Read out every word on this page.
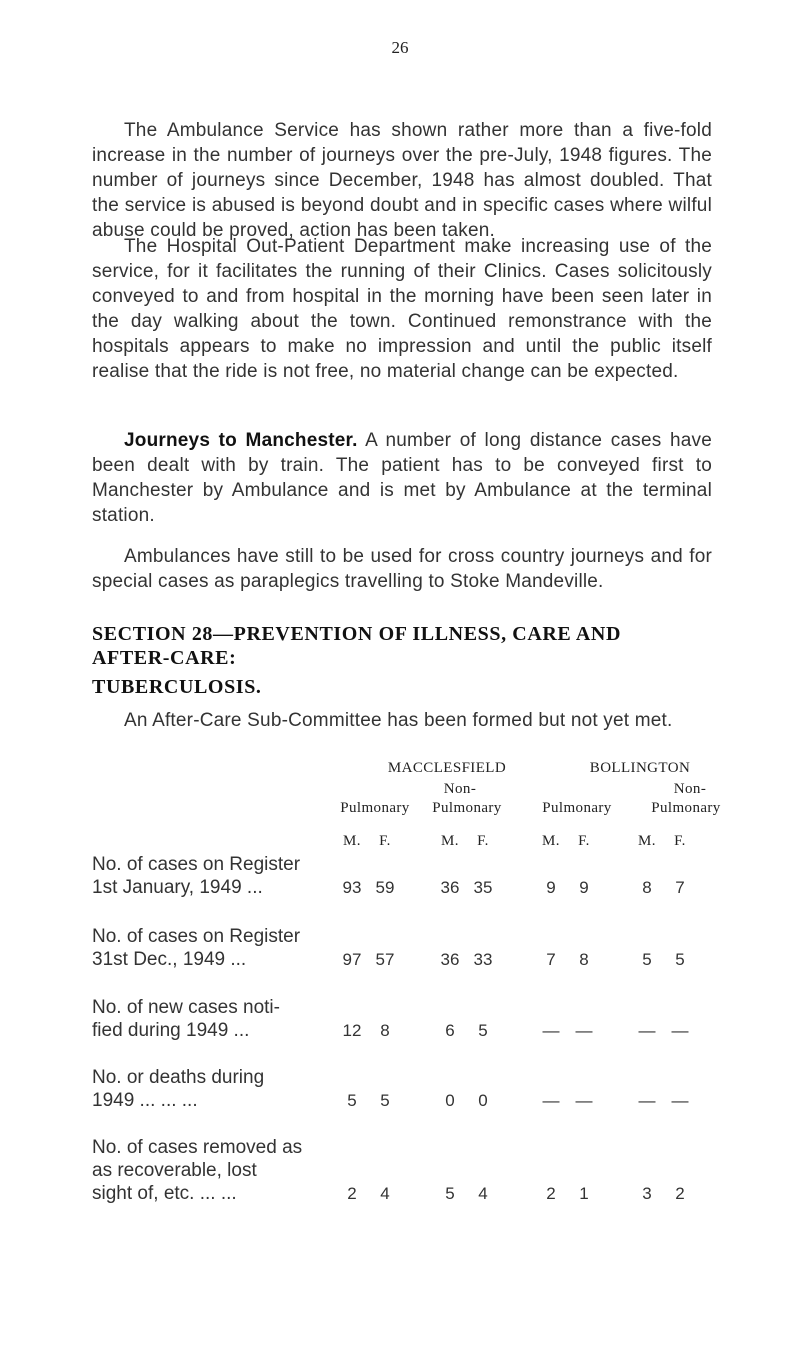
26

The Ambulance Service has shown rather more than a five-fold increase in the number of journeys over the pre-July, 1948 figures. The number of journeys since December, 1948 has almost doubled. That the service is abused is beyond doubt and in specific cases where wilful abuse could be proved, action has been taken.

The Hospital Out-Patient Department make increasing use of the service, for it facilitates the running of their Clinics. Cases solicitously conveyed to and from hospital in the morning have been seen later in the day walking about the town. Continued remonstrance with the hospitals appears to make no impression and until the public itself realise that the ride is not free, no material change can be expected.

Journeys to Manchester. A number of long distance cases have been dealt with by train. The patient has to be conveyed first to Manchester by Ambulance and is met by Ambulance at the terminal station.

Ambulances have still to be used for cross country journeys and for special cases as paraplegics travelling to Stoke Mandeville.

SECTION 28—PREVENTION OF ILLNESS, CARE AND
AFTER-CARE:
TUBERCULOSIS.

An After-Care Sub-Committee has been formed but not yet met.

MACCLESFIELD	BOLLINGTON
Non-	Non-
Pulmonary	Pulmonary	Pulmonary	Pulmonary
M.	F.	M.	F.	M.	F.	M.	F.
No. of cases on Register
1st January, 1949 ...	93 59	36 35	9	9	8	7
No. of cases on Register
31st Dec., 1949 ...	97 57	36 33	7	8	5	5
No. of new cases noti-
fied during 1949 ...	12	8	6	5	— —	— —
No. or deaths during
1949 ... ... ...	5	5	0	0	— —	— —
No. of cases removed as
as recoverable, lost
sight of, etc. ... ...	2	4	5	4	2	1	3	2
